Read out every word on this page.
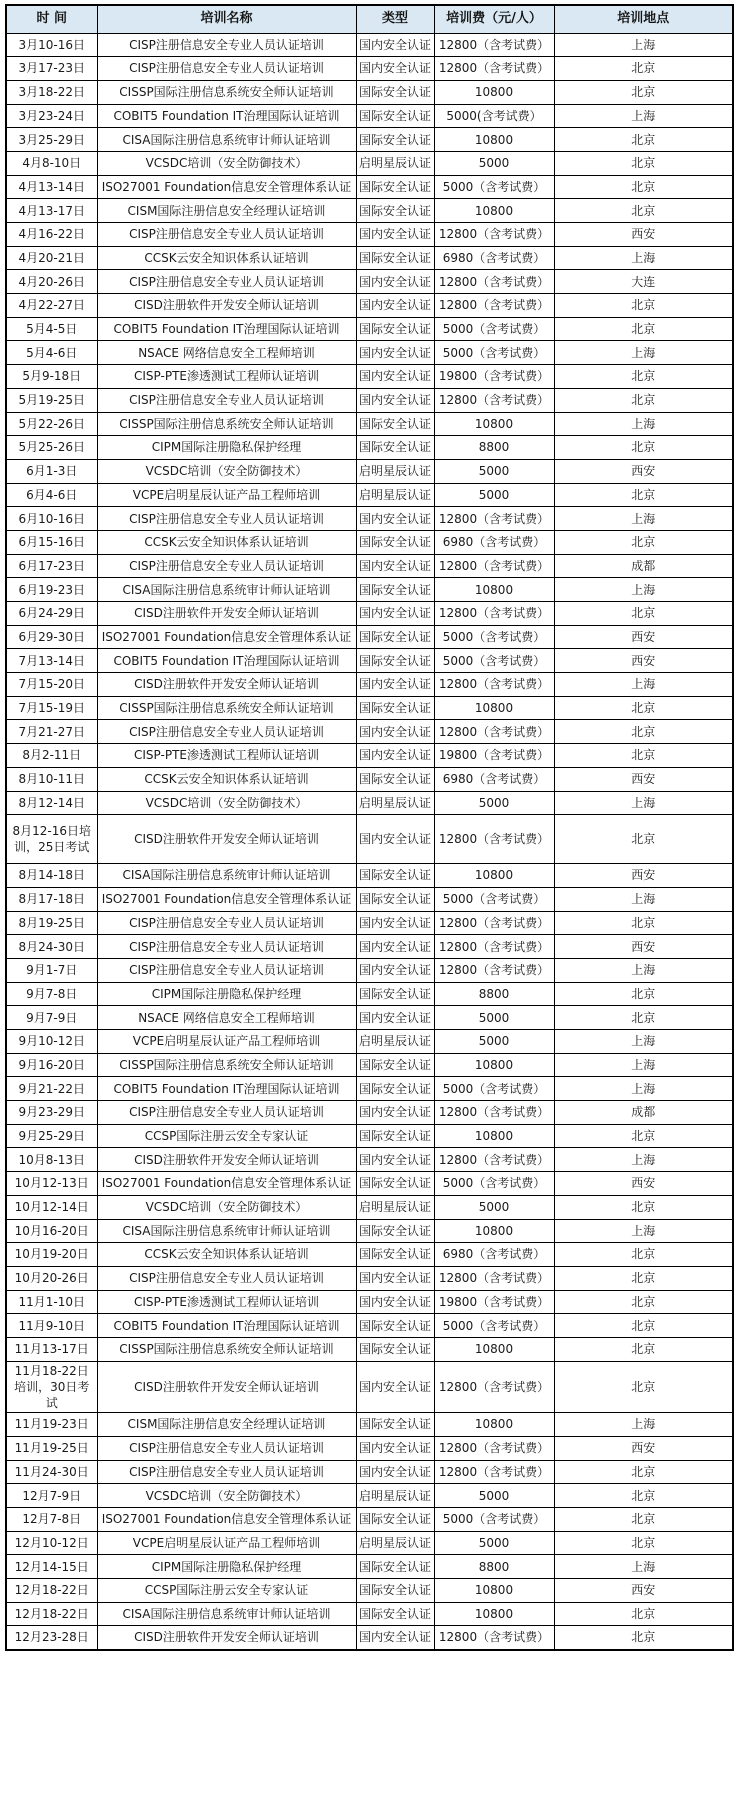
时 间	培训名称	类型	培训费（元/人）	培训地点
3月10-16日	CISP注册信息安全专业人员认证培训	国内安全认证	12800（含考试费）	上海
3月17-23日	CISP注册信息安全专业人员认证培训	国内安全认证	12800（含考试费）	北京
3月18-22日	CISSP国际注册信息系统安全师认证培训	国际安全认证	10800	北京
3月23-24日	COBIT5 Foundation IT治理国际认证培训	国际安全认证	5000(含考试费）	上海
3月25-29日	CISA国际注册信息系统审计师认证培训	国际安全认证	10800	北京
4月8-10日	VCSDC培训（安全防御技术）	启明星辰认证	5000	北京
4月13-14日	ISO27001 Foundation信息安全管理体系认证	国际安全认证	5000（含考试费）	北京
4月13-17日	CISM国际注册信息安全经理认证培训	国际安全认证	10800	北京
4月16-22日	CISP注册信息安全专业人员认证培训	国内安全认证	12800（含考试费）	西安
4月20-21日	CCSK云安全知识体系认证培训	国际安全认证	6980（含考试费）	上海
4月20-26日	CISP注册信息安全专业人员认证培训	国内安全认证	12800（含考试费）	大连
4月22-27日	CISD注册软件开发安全师认证培训	国内安全认证	12800（含考试费）	北京
5月4-5日	COBIT5 Foundation IT治理国际认证培训	国际安全认证	5000（含考试费）	北京
5月4-6日	NSACE 网络信息安全工程师培训	国内安全认证	5000（含考试费）	上海
5月9-18日	CISP-PTE渗透测试工程师认证培训	国内安全认证	19800（含考试费）	北京
5月19-25日	CISP注册信息安全专业人员认证培训	国内安全认证	12800（含考试费）	北京
5月22-26日	CISSP国际注册信息系统安全师认证培训	国际安全认证	10800	上海
5月25-26日	CIPM国际注册隐私保护经理	国际安全认证	8800	北京
6月1-3日	VCSDC培训（安全防御技术）	启明星辰认证	5000	西安
6月4-6日	VCPE启明星辰认证产品工程师培训	启明星辰认证	5000	北京
6月10-16日	CISP注册信息安全专业人员认证培训	国内安全认证	12800（含考试费）	上海
6月15-16日	CCSK云安全知识体系认证培训	国际安全认证	6980（含考试费）	北京
6月17-23日	CISP注册信息安全专业人员认证培训	国内安全认证	12800（含考试费）	成都
6月19-23日	CISA国际注册信息系统审计师认证培训	国际安全认证	10800	上海
6月24-29日	CISD注册软件开发安全师认证培训	国内安全认证	12800（含考试费）	北京
6月29-30日	ISO27001 Foundation信息安全管理体系认证	国际安全认证	5000（含考试费）	西安
7月13-14日	COBIT5 Foundation IT治理国际认证培训	国际安全认证	5000（含考试费）	西安
7月15-20日	CISD注册软件开发安全师认证培训	国内安全认证	12800（含考试费）	上海
7月15-19日	CISSP国际注册信息系统安全师认证培训	国际安全认证	10800	北京
7月21-27日	CISP注册信息安全专业人员认证培训	国内安全认证	12800（含考试费）	北京
8月2-11日	CISP-PTE渗透测试工程师认证培训	国内安全认证	19800（含考试费）	北京
8月10-11日	CCSK云安全知识体系认证培训	国际安全认证	6980（含考试费）	西安
8月12-14日	VCSDC培训（安全防御技术）	启明星辰认证	5000	上海
8月12-16日培训，25日考试	CISD注册软件开发安全师认证培训	国内安全认证	12800（含考试费）	北京
8月14-18日	CISA国际注册信息系统审计师认证培训	国际安全认证	10800	西安
8月17-18日	ISO27001 Foundation信息安全管理体系认证	国际安全认证	5000（含考试费）	上海
8月19-25日	CISP注册信息安全专业人员认证培训	国内安全认证	12800（含考试费）	北京
8月24-30日	CISP注册信息安全专业人员认证培训	国内安全认证	12800（含考试费）	西安
9月1-7日	CISP注册信息安全专业人员认证培训	国内安全认证	12800（含考试费）	上海
9月7-8日	CIPM国际注册隐私保护经理	国际安全认证	8800	北京
9月7-9日	NSACE 网络信息安全工程师培训	国内安全认证	5000	北京
9月10-12日	VCPE启明星辰认证产品工程师培训	启明星辰认证	5000	上海
9月16-20日	CISSP国际注册信息系统安全师认证培训	国际安全认证	10800	上海
9月21-22日	COBIT5 Foundation IT治理国际认证培训	国际安全认证	5000（含考试费）	上海
9月23-29日	CISP注册信息安全专业人员认证培训	国内安全认证	12800（含考试费）	成都
9月25-29日	CCSP国际注册云安全专家认证	国际安全认证	10800	北京
10月8-13日	CISD注册软件开发安全师认证培训	国内安全认证	12800（含考试费）	上海
10月12-13日	ISO27001 Foundation信息安全管理体系认证	国际安全认证	5000（含考试费）	西安
10月12-14日	VCSDC培训（安全防御技术）	启明星辰认证	5000	北京
10月16-20日	CISA国际注册信息系统审计师认证培训	国际安全认证	10800	上海
10月19-20日	CCSK云安全知识体系认证培训	国际安全认证	6980（含考试费）	北京
10月20-26日	CISP注册信息安全专业人员认证培训	国内安全认证	12800（含考试费）	北京
11月1-10日	CISP-PTE渗透测试工程师认证培训	国内安全认证	19800（含考试费）	北京
11月9-10日	COBIT5 Foundation IT治理国际认证培训	国际安全认证	5000（含考试费）	北京
11月13-17日	CISSP国际注册信息系统安全师认证培训	国际安全认证	10800	北京
11月18-22日培训，30日考试	CISD注册软件开发安全师认证培训	国内安全认证	12800（含考试费）	北京
11月19-23日	CISM国际注册信息安全经理认证培训	国际安全认证	10800	上海
11月19-25日	CISP注册信息安全专业人员认证培训	国内安全认证	12800（含考试费）	西安
11月24-30日	CISP注册信息安全专业人员认证培训	国内安全认证	12800（含考试费）	北京
12月7-9日	VCSDC培训（安全防御技术）	启明星辰认证	5000	北京
12月7-8日	ISO27001 Foundation信息安全管理体系认证	国际安全认证	5000（含考试费）	北京
12月10-12日	VCPE启明星辰认证产品工程师培训	启明星辰认证	5000	北京
12月14-15日	CIPM国际注册隐私保护经理	国际安全认证	8800	上海
12月18-22日	CCSP国际注册云安全专家认证	国际安全认证	10800	西安
12月18-22日	CISA国际注册信息系统审计师认证培训	国际安全认证	10800	北京
12月23-28日	CISD注册软件开发安全师认证培训	国内安全认证	12800（含考试费）	北京
